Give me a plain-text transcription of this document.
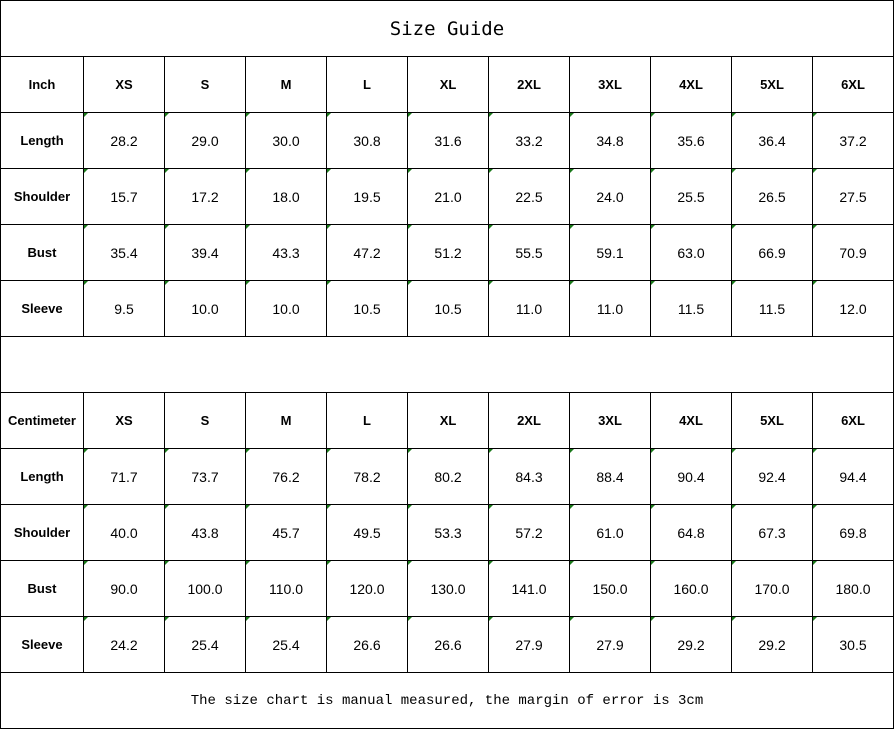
Size Guide
Inch	XS	S	M	L	XL	2XL	3XL	4XL	5XL	6XL
Length	28.2	29.0	30.0	30.8	31.6	33.2	34.8	35.6	36.4	37.2
Shoulder	15.7	17.2	18.0	19.5	21.0	22.5	24.0	25.5	26.5	27.5
Bust	35.4	39.4	43.3	47.2	51.2	55.5	59.1	63.0	66.9	70.9
Sleeve	9.5	10.0	10.0	10.5	10.5	11.0	11.0	11.5	11.5	12.0
Centimeter	XS	S	M	L	XL	2XL	3XL	4XL	5XL	6XL
Length	71.7	73.7	76.2	78.2	80.2	84.3	88.4	90.4	92.4	94.4
Shoulder	40.0	43.8	45.7	49.5	53.3	57.2	61.0	64.8	67.3	69.8
Bust	90.0	100.0	110.0	120.0	130.0	141.0	150.0	160.0	170.0	180.0
Sleeve	24.2	25.4	25.4	26.6	26.6	27.9	27.9	29.2	29.2	30.5
The size chart is manual measured, the margin of error is 3cm
